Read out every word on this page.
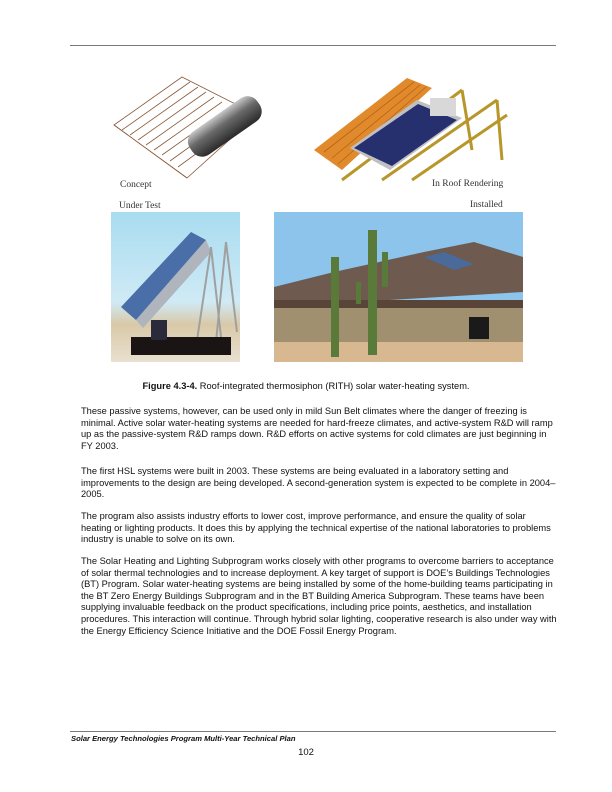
Concept	In Roof Rendering
Under Test	Installed
Figure 4.3-4. Roof-integrated thermosiphon (RITH) solar water-heating system.

These passive systems, however, can be used only in mild Sun Belt climates where the danger of freezing is minimal. Active solar water-heating systems are needed for hard-freeze climates, and active-system R&D will ramp up as the passive-system R&D ramps down. R&D efforts on active systems for cold climates are just beginning in FY 2003.

The first HSL systems were built in 2003. These systems are being evaluated in a laboratory setting and improvements to the design are being developed. A second-generation system is expected to be complete in 2004–2005.

The program also assists industry efforts to lower cost, improve performance, and ensure the quality of solar heating or lighting products. It does this by applying the technical expertise of the national laboratories to problems industry is unable to solve on its own.

The Solar Heating and Lighting Subprogram works closely with other programs to overcome barriers to acceptance of solar thermal technologies and to increase deployment. A key target of support is DOE’s Buildings Technologies (BT) Program. Solar water-heating systems are being installed by some of the home-building teams participating in the BT Zero Energy Buildings Subprogram and in the BT Building America Subprogram. These teams have been supplying invaluable feedback on the product specifications, including price points, aesthetics, and installation procedures. This interaction will continue. Through hybrid solar lighting, cooperative research is also under way with the Energy Efficiency Science Initiative and the DOE Fossil Energy Program.

Solar Energy Technologies Program Multi-Year Technical Plan
102
